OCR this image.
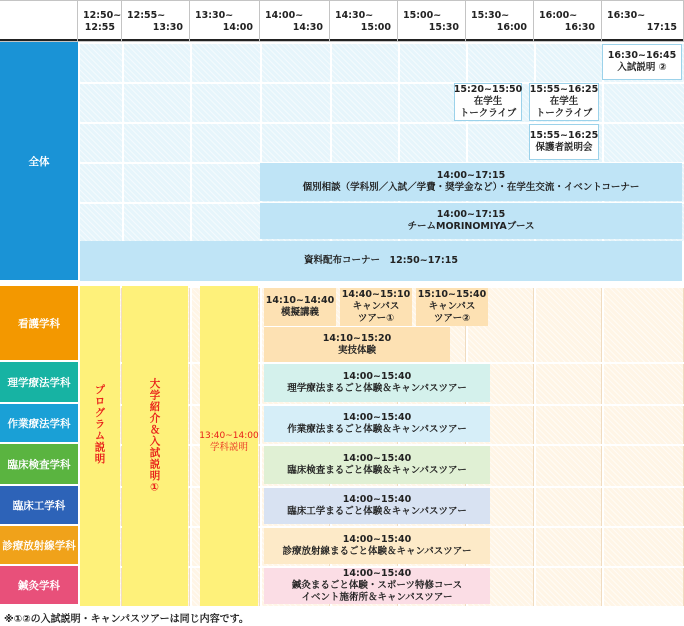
12:50~
12:55
12:55~
13:30
13:30~
14:00
14:00~
14:30
14:30~
15:00
15:00~
15:30
15:30~
16:00
16:00~
16:30
16:30~
17:15
全体
16:30~16:45
入試説明 ②
15:20~15:50
在学生
トークライブ
15:55~16:25
在学生
トークライブ
15:55~16:25
保護者説明会
14:00~17:15
個別相談（学科別／入試／学費・奨学金など）・在学生交流・イベントコーナー
14:00~17:15
チームMORINOMIYAブース
資料配布コーナー　12:50~17:15
看護学科
理学療法学科
作業療法学科
臨床検査学科
臨床工学科
診療放射線学科
鍼灸学科
プログラム説明	大学紹介＆入試説明①	13:40~14:00
学科説明
14:10~14:40
模擬講義
14:40~15:10
キャンパス
ツアー①
15:10~15:40
キャンパス
ツアー②
14:10~15:20
実技体験
14:00~15:40
理学療法まるごと体験＆キャンパスツアー
14:00~15:40
作業療法まるごと体験＆キャンパスツアー
14:00~15:40
臨床検査まるごと体験＆キャンパスツアー
14:00~15:40
臨床工学まるごと体験＆キャンパスツアー
14:00~15:40
診療放射線まるごと体験＆キャンパスツアー
14:00~15:40
鍼灸まるごと体験・スポーツ特修コース
イベント施術所＆キャンパスツアー
※①②の入試説明・キャンパスツアーは同じ内容です。
